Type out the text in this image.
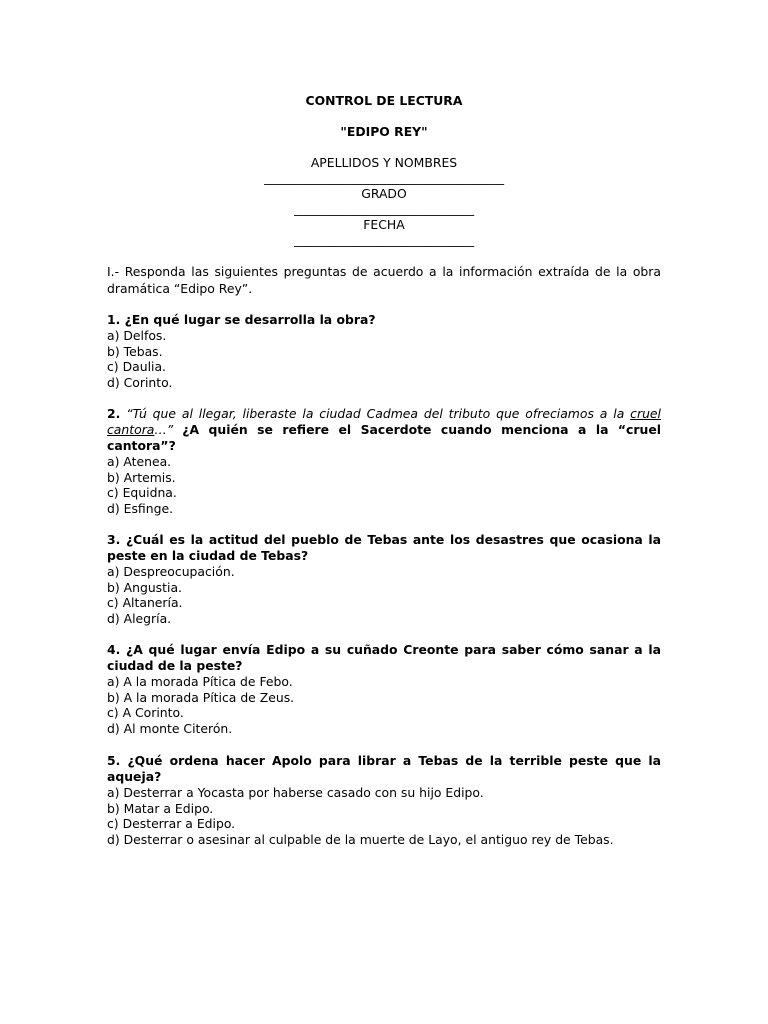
CONTROL DE LECTURA
"EDIPO REY"
APELLIDOS Y NOMBRES
________________________________________
GRADO
______________________________
FECHA
______________________________
I.- Responda las siguientes preguntas de acuerdo a la información extraída de la obra dramática “Edipo Rey”.
1. ¿En qué lugar se desarrolla la obra?
a) Delfos.
b) Tebas.
c) Daulia.
d) Corinto.
2. “Tú que al llegar, liberaste la ciudad Cadmea del tributo que ofreciamos a la cruel cantora…” ¿A quién se refiere el Sacerdote cuando menciona a la “cruel cantora”?
a) Atenea.
b) Artemis.
c) Equidna.
d) Esfinge.
3. ¿Cuál es la actitud del pueblo de Tebas ante los desastres que ocasiona la peste en la ciudad de Tebas?
a) Despreocupación.
b) Angustia.
c) Altanería.
d) Alegría.
4. ¿A qué lugar envía Edipo a su cuñado Creonte para saber cómo sanar a la ciudad de la peste?
a) A la morada Pítica de Febo.
b) A la morada Pítica de Zeus.
c) A Corinto.
d) Al monte Citerón.
5. ¿Qué ordena hacer Apolo para librar a Tebas de la terrible peste que la aqueja?
a) Desterrar a Yocasta por haberse casado con su hijo Edipo.
b) Matar a Edipo.
c) Desterrar a Edipo.
d) Desterrar o asesinar al culpable de la muerte de Layo, el antiguo rey de Tebas.
